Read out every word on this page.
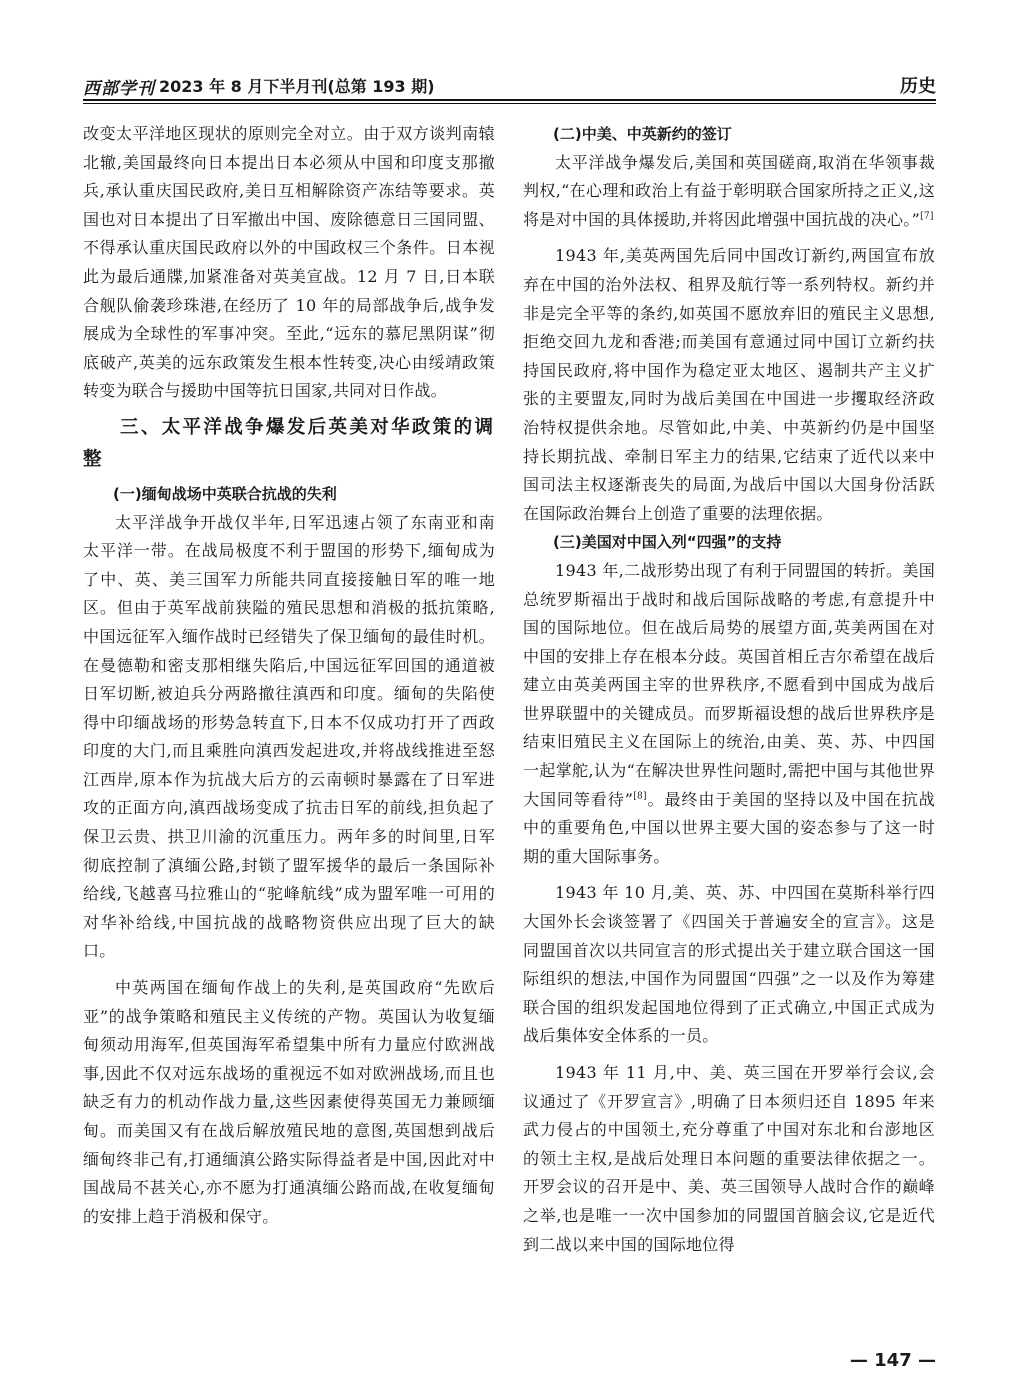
西部学刊 2023 年 8 月下半月刊(总第 193 期)	历史

改变太平洋地区现状的原则完全对立。由于双方谈判南辕北辙,美国最终向日本提出日本必须从中国和印度支那撤兵,承认重庆国民政府,美日互相解除资产冻结等要求。英国也对日本提出了日军撤出中国、废除德意日三国同盟、不得承认重庆国民政府以外的中国政权三个条件。日本视此为最后通牒,加紧准备对英美宣战。12 月 7 日,日本联合舰队偷袭珍珠港,在经历了 10 年的局部战争后,战争发展成为全球性的军事冲突。至此,“远东的慕尼黑阴谋”彻底破产,英美的远东政策发生根本性转变,决心由绥靖政策转变为联合与援助中国等抗日国家,共同对日作战。

三、太平洋战争爆发后英美对华政策的调整
(一)缅甸战场中英联合抗战的失利

太平洋战争开战仅半年,日军迅速占领了东南亚和南太平洋一带。在战局极度不利于盟国的形势下,缅甸成为了中、英、美三国军力所能共同直接接触日军的唯一地区。但由于英军战前狭隘的殖民思想和消极的抵抗策略,中国远征军入缅作战时已经错失了保卫缅甸的最佳时机。在曼德勒和密支那相继失陷后,中国远征军回国的通道被日军切断,被迫兵分两路撤往滇西和印度。缅甸的失陷使得中印缅战场的形势急转直下,日本不仅成功打开了西政印度的大门,而且乘胜向滇西发起进攻,并将战线推进至怒江西岸,原本作为抗战大后方的云南顿时暴露在了日军进攻的正面方向,滇西战场变成了抗击日军的前线,担负起了保卫云贵、拱卫川渝的沉重压力。两年多的时间里,日军彻底控制了滇缅公路,封锁了盟军援华的最后一条国际补给线,飞越喜马拉雅山的“驼峰航线”成为盟军唯一可用的对华补给线,中国抗战的战略物资供应出现了巨大的缺口。

中英两国在缅甸作战上的失利,是英国政府“先欧后亚”的战争策略和殖民主义传统的产物。英国认为收复缅甸须动用海军,但英国海军希望集中所有力量应付欧洲战事,因此不仅对远东战场的重视远不如对欧洲战场,而且也缺乏有力的机动作战力量,这些因素使得英国无力兼顾缅甸。而美国又有在战后解放殖民地的意图,英国想到战后缅甸终非己有,打通缅滇公路实际得益者是中国,因此对中国战局不甚关心,亦不愿为打通滇缅公路而战,在收复缅甸的安排上趋于消极和保守。

(二)中美、中英新约的签订

太平洋战争爆发后,美国和英国磋商,取消在华领事裁判权,“在心理和政治上有益于彰明联合国家所持之正义,这将是对中国的具体援助,并将因此增强中国抗战的决心。”[7]

1943 年,美英两国先后同中国改订新约,两国宣布放弃在中国的治外法权、租界及航行等一系列特权。新约并非是完全平等的条约,如英国不愿放弃旧的殖民主义思想,拒绝交回九龙和香港;而美国有意通过同中国订立新约扶持国民政府,将中国作为稳定亚太地区、遏制共产主义扩张的主要盟友,同时为战后美国在中国进一步攫取经济政治特权提供余地。尽管如此,中美、中英新约仍是中国坚持长期抗战、牵制日军主力的结果,它结束了近代以来中国司法主权逐渐丧失的局面,为战后中国以大国身份活跃在国际政治舞台上创造了重要的法理依据。

(三)美国对中国入列“四强”的支持

1943 年,二战形势出现了有利于同盟国的转折。美国总统罗斯福出于战时和战后国际战略的考虑,有意提升中国的国际地位。但在战后局势的展望方面,英美两国在对中国的安排上存在根本分歧。英国首相丘吉尔希望在战后建立由英美两国主宰的世界秩序,不愿看到中国成为战后世界联盟中的关键成员。而罗斯福设想的战后世界秩序是结束旧殖民主义在国际上的统治,由美、英、苏、中四国一起掌舵,认为“在解决世界性问题时,需把中国与其他世界大国同等看待”[8]。最终由于美国的坚持以及中国在抗战中的重要角色,中国以世界主要大国的姿态参与了这一时期的重大国际事务。

1943 年 10 月,美、英、苏、中四国在莫斯科举行四大国外长会谈签署了《四国关于普遍安全的宣言》。这是同盟国首次以共同宣言的形式提出关于建立联合国这一国际组织的想法,中国作为同盟国“四强”之一以及作为筹建联合国的组织发起国地位得到了正式确立,中国正式成为战后集体安全体系的一员。

1943 年 11 月,中、美、英三国在开罗举行会议,会议通过了《开罗宣言》,明确了日本须归还自 1895 年来武力侵占的中国领土,充分尊重了中国对东北和台澎地区的领土主权,是战后处理日本问题的重要法律依据之一。开罗会议的召开是中、美、英三国领导人战时合作的巅峰之举,也是唯一一次中国参加的同盟国首脑会议,它是近代到二战以来中国的国际地位得

— 147 —
